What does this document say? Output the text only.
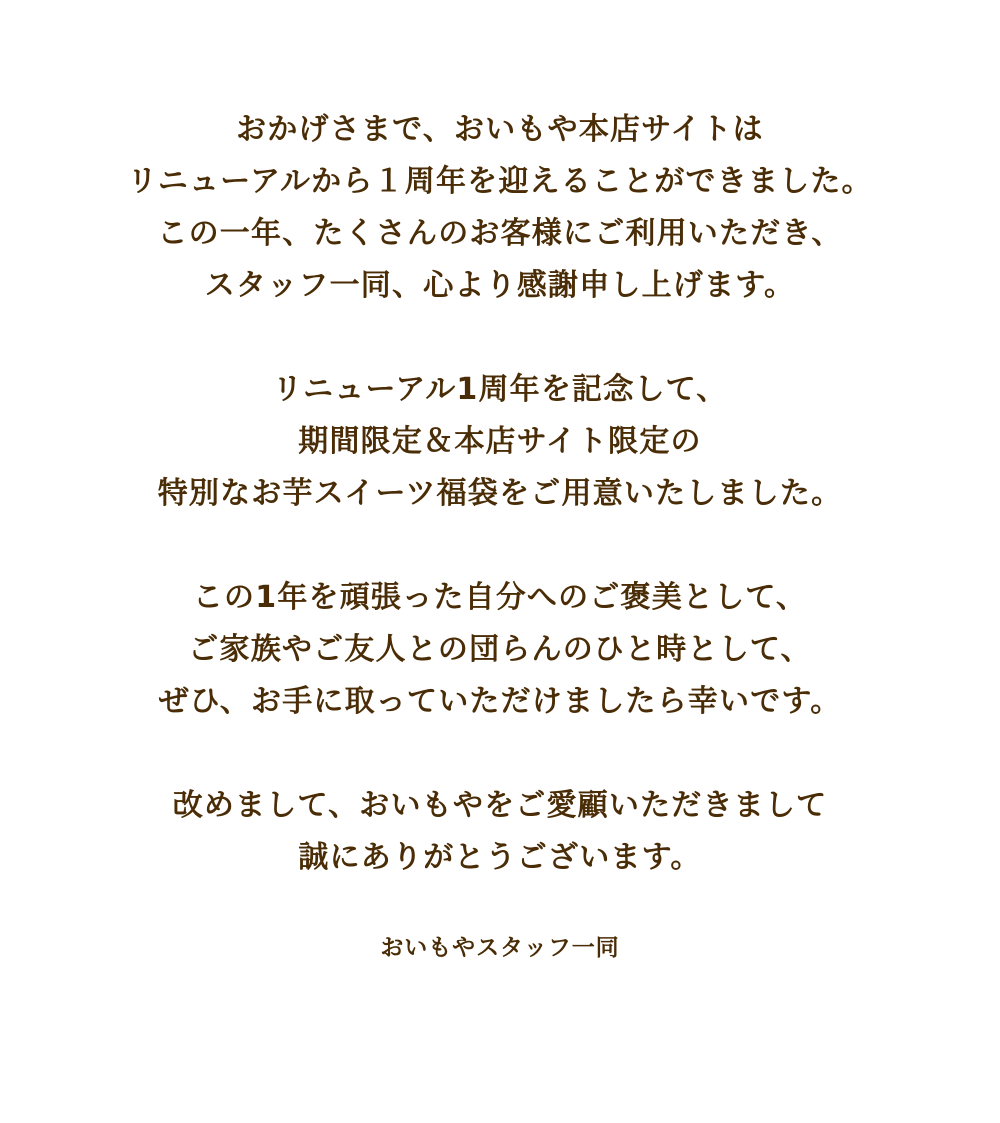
おかげさまで、おいもや本店サイトは
リニューアルから１周年を迎えることができました。
この一年、たくさんのお客様にご利用いただき、
スタッフ一同、心より感謝申し上げます。

リニューアル1周年を記念して、
期間限定＆本店サイト限定の
特別なお芋スイーツ福袋をご用意いたしました。

この1年を頑張った自分へのご褒美として、
ご家族やご友人との団らんのひと時として、
ぜひ、お手に取っていただけましたら幸いです。

改めまして、おいもやをご愛顧いただきまして
誠にありがとうございます。

おいもやスタッフ一同
